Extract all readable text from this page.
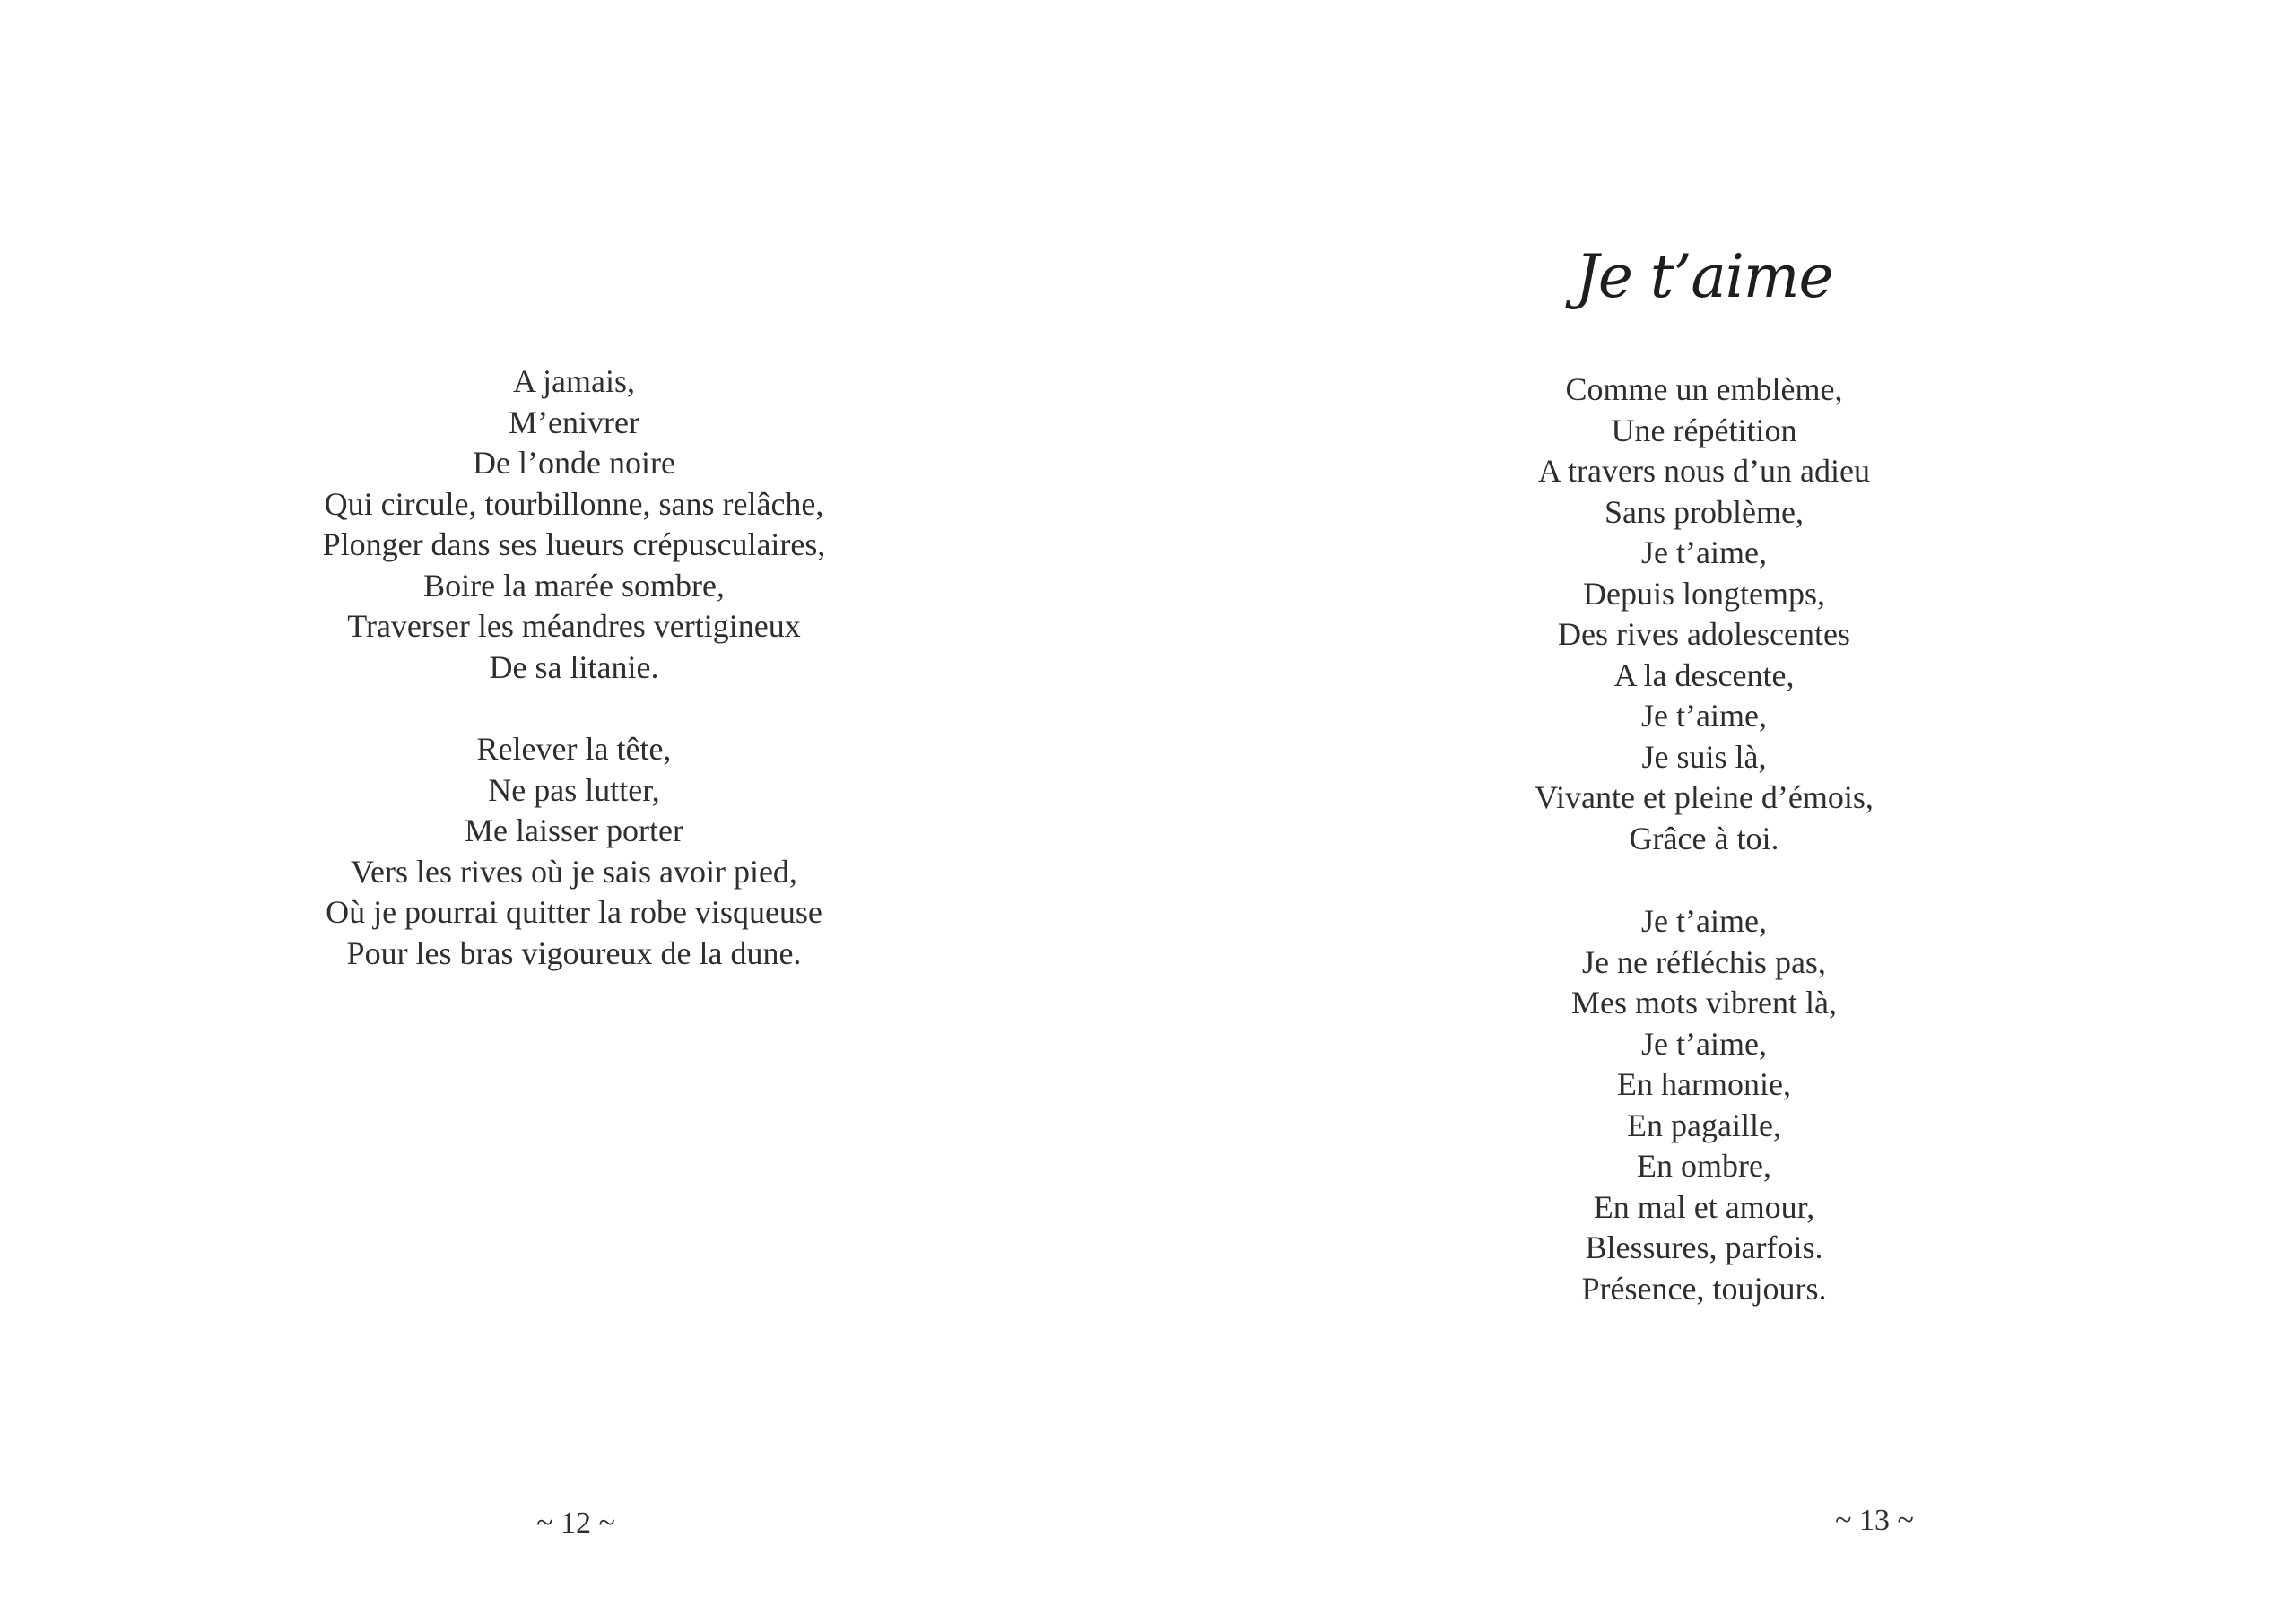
A jamais,
M’enivrer
De l’onde noire
Qui circule, tourbillonne, sans relâche,
Plonger dans ses lueurs crépusculaires,
Boire la marée sombre,
Traverser les méandres vertigineux
De sa litanie.
Relever la tête,
Ne pas lutter,
Me laisser porter
Vers les rives où je sais avoir pied,
Où je pourrai quitter la robe visqueuse
Pour les bras vigoureux de la dune.
~ 12 ~
Je t’aime
Comme un emblème,
Une répétition
A travers nous d’un adieu
Sans problème,
Je t’aime,
Depuis longtemps,
Des rives adolescentes
A la descente,
Je t’aime,
Je suis là,
Vivante et pleine d’émois,
Grâce à toi.
Je t’aime,
Je ne réfléchis pas,
Mes mots vibrent là,
Je t’aime,
En harmonie,
En pagaille,
En ombre,
En mal et amour,
Blessures, parfois.
Présence, toujours.
~ 13 ~
